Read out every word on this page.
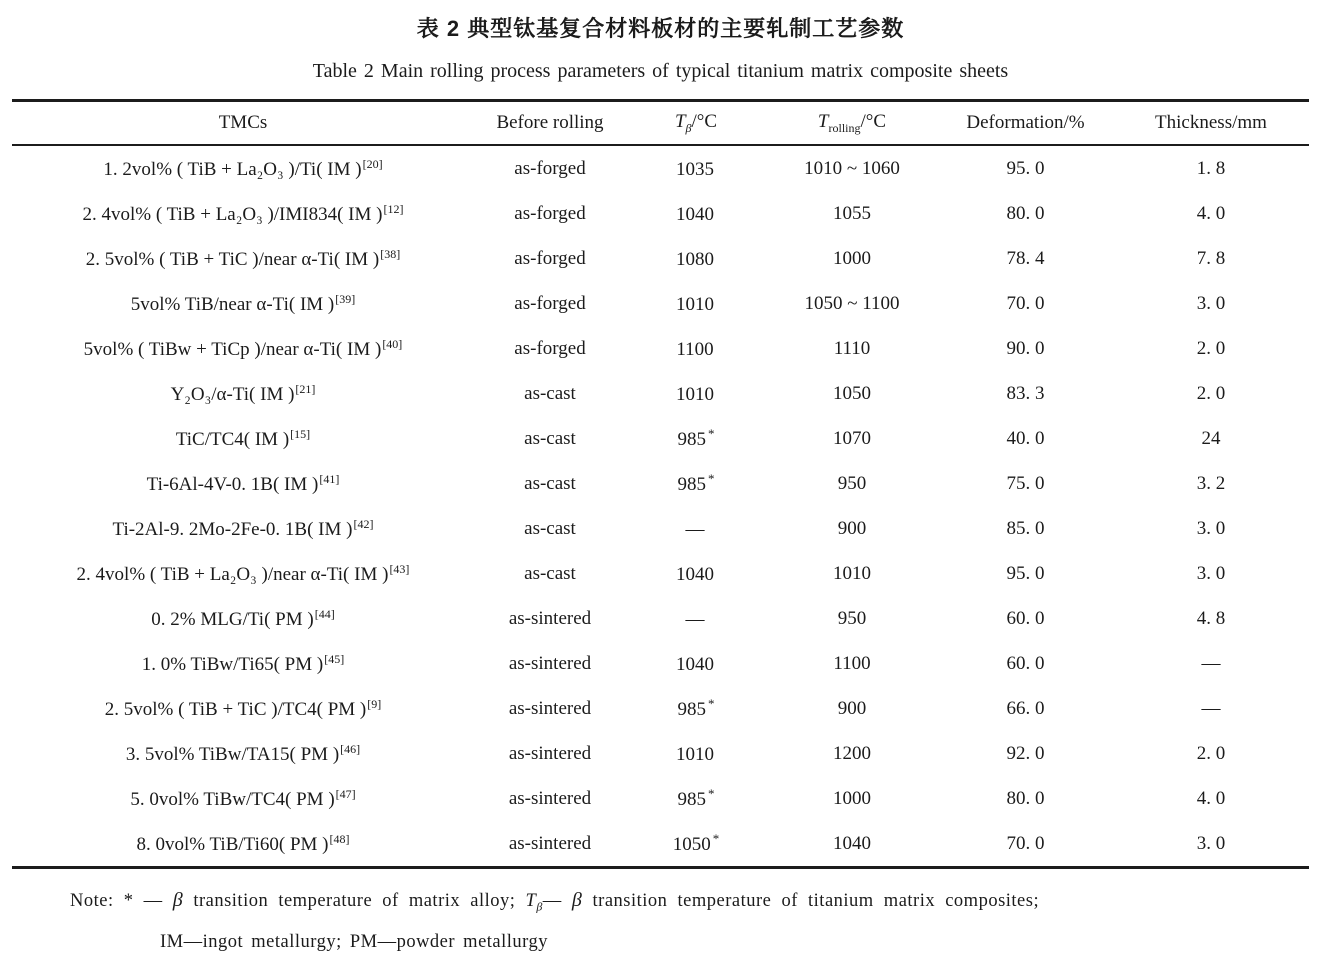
表 2 典型钛基复合材料板材的主要轧制工艺参数
Table 2 Main rolling process parameters of typical titanium matrix composite sheets
TMCs	Before rolling	$T_\beta/^\circ C$	$T_{rolling}/^\circ C$	Deformation/%	Thickness/mm
1. 2vol% ( TiB + La₂O₃ )/Ti( IM )[20]	as-forged	1035	1010 ~ 1060	95. 0	1. 8
2. 4vol% ( TiB + La₂O₃ )/IMI834( IM )[12]	as-forged	1040	1055	80. 0	4. 0
2. 5vol% ( TiB + TiC )/near α-Ti( IM )[38]	as-forged	1080	1000	78. 4	7. 8
5vol% TiB/near α-Ti( IM )[39]	as-forged	1010	1050 ~ 1100	70. 0	3. 0
5vol% ( TiBw + TiCp )/near α-Ti( IM )[40]	as-forged	1100	1110	90. 0	2. 0
Y₂O₃/α-Ti( IM )[21]	as-cast	1010	1050	83. 3	2. 0
TiC/TC4( IM )[15]	as-cast	985 *	1070	40. 0	24
Ti-6Al-4V-0. 1B( IM )[41]	as-cast	985 *	950	75. 0	3. 2
Ti-2Al-9. 2Mo-2Fe-0. 1B( IM )[42]	as-cast	—	900	85. 0	3. 0
2. 4vol% ( TiB + La₂O₃ )/near α-Ti( IM )[43]	as-cast	1040	1010	95. 0	3. 0
0. 2% MLG/Ti( PM )[44]	as-sintered	—	950	60. 0	4. 8
1. 0% TiBw/Ti65( PM )[45]	as-sintered	1040	1100	60. 0	—
2. 5vol% ( TiB + TiC )/TC4( PM )[9]	as-sintered	985 *	900	66. 0	—
3. 5vol% TiBw/TA15( PM )[46]	as-sintered	1010	1200	92. 0	2. 0
5. 0vol% TiBw/TC4( PM )[47]	as-sintered	985 *	1000	80. 0	4. 0
8. 0vol% TiB/Ti60( PM )[48]	as-sintered	1050 *	1040	70. 0	3. 0
Note: * — β transition temperature of matrix alloy; $T_\beta—$ β transition temperature of titanium matrix composites;
IM—ingot metallurgy; PM—powder metallurgy
